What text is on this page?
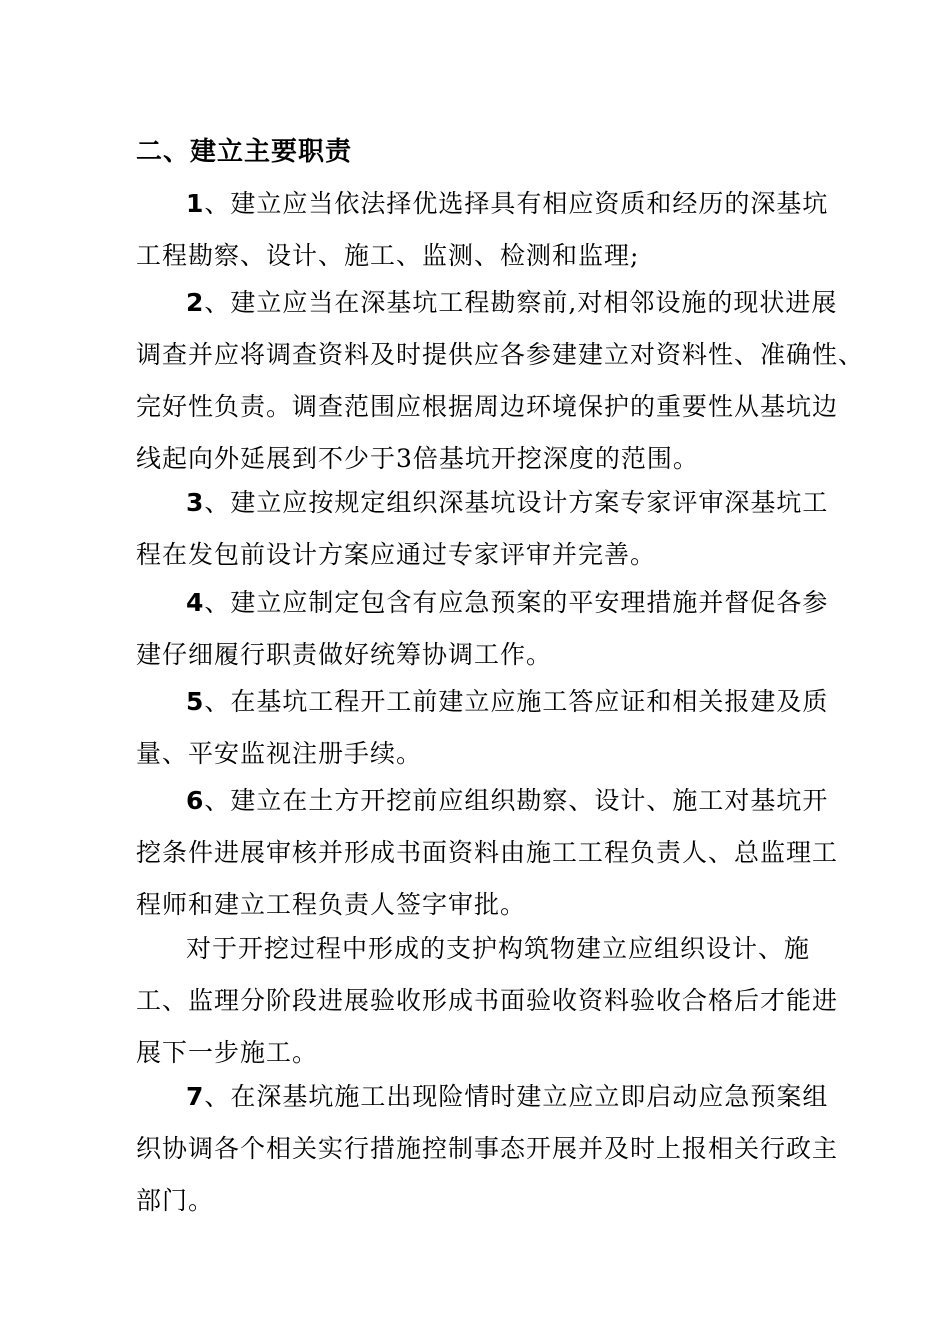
二、建立主要职责
1、建立应当依法择优选择具有相应资质和经历的深基坑
工程勘察、设计、施工、监测、检测和监理;
2、建立应当在深基坑工程勘察前,对相邻设施的现状进展
调查并应将调查资料及时提供应各参建建立对资料性、准确性、
完好性负责。调查范围应根据周边环境保护的重要性从基坑边
线起向外延展到不少于3倍基坑开挖深度的范围。
3、建立应按规定组织深基坑设计方案专家评审深基坑工
程在发包前设计方案应通过专家评审并完善。
4、建立应制定包含有应急预案的平安理措施并督促各参
建仔细履行职责做好统筹协调工作。
5、在基坑工程开工前建立应施工答应证和相关报建及质
量、平安监视注册手续。
6、建立在土方开挖前应组织勘察、设计、施工对基坑开
挖条件进展审核并形成书面资料由施工工程负责人、总监理工
程师和建立工程负责人签字审批。
对于开挖过程中形成的支护构筑物建立应组织设计、施
工、监理分阶段进展验收形成书面验收资料验收合格后才能进
展下一步施工。
7、在深基坑施工出现险情时建立应立即启动应急预案组
织协调各个相关实行措施控制事态开展并及时上报相关行政主
部门。
